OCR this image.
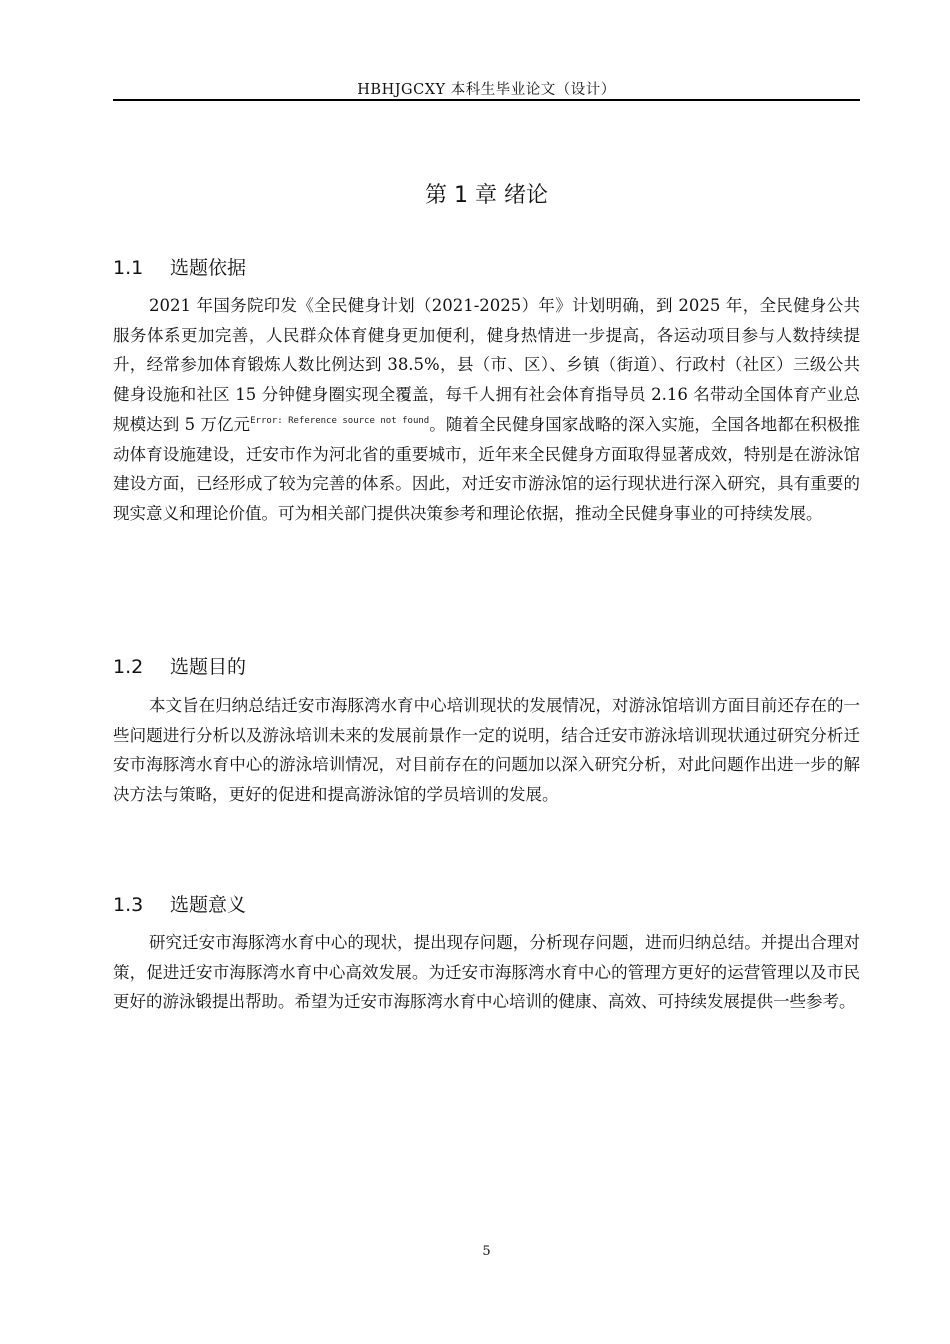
HBHJGCXY 本科生毕业论文（设计）
第 1 章 绪论
1.1 选题依据

2021 年国务院印发《全民健身计划（2021-2025）年》计划明确，到 2025 年，全民健身公共服务体系更加完善，人民群众体育健身更加便利，健身热情进一步提高，各运动项目参与人数持续提升，经常参加体育锻炼人数比例达到 38.5%，县（市、区）、乡镇（街道）、行政村（社区）三级公共健身设施和社区 15 分钟健身圈实现全覆盖，每千人拥有社会体育指导员 2.16 名带动全国体育产业总规模达到 5 万亿元$^{Error: Reference source not found}$。随着全民健身国家战略的深入实施，全国各地都在积极推动体育设施建设，迁安市作为河北省的重要城市，近年来全民健身方面取得显著成效，特别是在游泳馆建设方面，已经形成了较为完善的体系。因此，对迁安市游泳馆的运行现状进行深入研究，具有重要的现实意义和理论价值。可为相关部门提供决策参考和理论依据，推动全民健身事业的可持续发展。

1.2 选题目的

本文旨在归纳总结迁安市海豚湾水育中心培训现状的发展情况，对游泳馆培训方面目前还存在的一些问题进行分析以及游泳培训未来的发展前景作一定的说明，结合迁安市游泳培训现状通过研究分析迁安市海豚湾水育中心的游泳培训情况，对目前存在的问题加以深入研究分析，对此问题作出进一步的解决方法与策略，更好的促进和提高游泳馆的学员培训的发展。

1.3 选题意义

研究迁安市海豚湾水育中心的现状，提出现存问题，分析现存问题，进而归纳总结。并提出合理对策，促进迁安市海豚湾水育中心高效发展。为迁安市海豚湾水育中心的管理方更好的运营管理以及市民更好的游泳锻提出帮助。希望为迁安市海豚湾水育中心培训的健康、高效、可持续发展提供一些参考。

5
